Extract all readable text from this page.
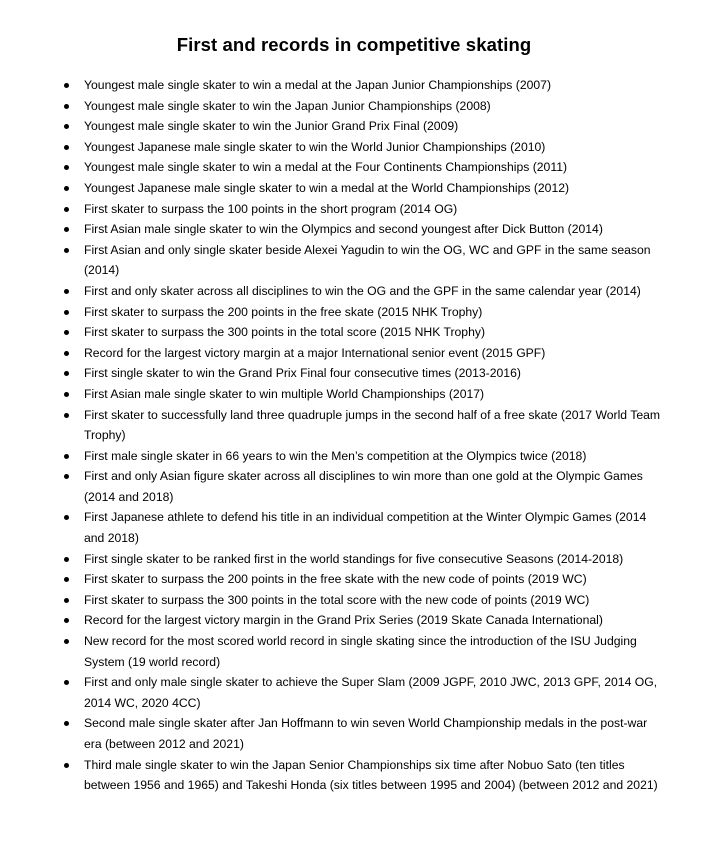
First and records in competitive skating
Youngest male single skater to win a medal at the Japan Junior Championships (2007)
Youngest male single skater to win the Japan Junior Championships (2008)
Youngest male single skater to win the Junior Grand Prix Final (2009)
Youngest Japanese male single skater to win the World Junior Championships (2010)
Youngest male single skater to win a medal at the Four Continents Championships (2011)
Youngest Japanese male single skater to win a medal at the World Championships (2012)
First skater to surpass the 100 points in the short program (2014 OG)
First Asian male single skater to win the Olympics and second youngest after Dick Button (2014)
First Asian and only single skater beside Alexei Yagudin to win the OG, WC and GPF in the same season (2014)
First and only skater across all disciplines to win the OG and the GPF in the same calendar year (2014)
First skater to surpass the 200 points in the free skate (2015 NHK Trophy)
First skater to surpass the 300 points in the total score (2015 NHK Trophy)
Record for the largest victory margin at a major International senior event (2015 GPF)
First single skater to win the Grand Prix Final four consecutive times (2013-2016)
First Asian male single skater to win multiple World Championships (2017)
First skater to successfully land three quadruple jumps in the second half of a free skate (2017 World Team Trophy)
First male single skater in 66 years to win the Men’s competition at the Olympics twice (2018)
First and only Asian figure skater across all disciplines to win more than one gold at the Olympic Games (2014 and 2018)
First Japanese athlete to defend his title in an individual competition at the Winter Olympic Games (2014 and 2018)
First single skater to be ranked first in the world standings for five consecutive Seasons (2014-2018)
First skater to surpass the 200 points in the free skate with the new code of points (2019 WC)
First skater to surpass the 300 points in the total score with the new code of points (2019 WC)
Record for the largest victory margin in the Grand Prix Series (2019 Skate Canada International)
New record for the most scored world record in single skating since the introduction of the ISU Judging System (19 world record)
First and only male single skater to achieve the Super Slam (2009 JGPF, 2010 JWC, 2013 GPF, 2014 OG, 2014 WC, 2020 4CC)
Second male single skater after Jan Hoffmann to win seven World Championship medals in the post-war era (between 2012 and 2021)
Third male single skater to win the Japan Senior Championships six time after Nobuo Sato (ten titles between 1956 and 1965) and Takeshi Honda (six titles between 1995 and 2004) (between 2012 and 2021)
